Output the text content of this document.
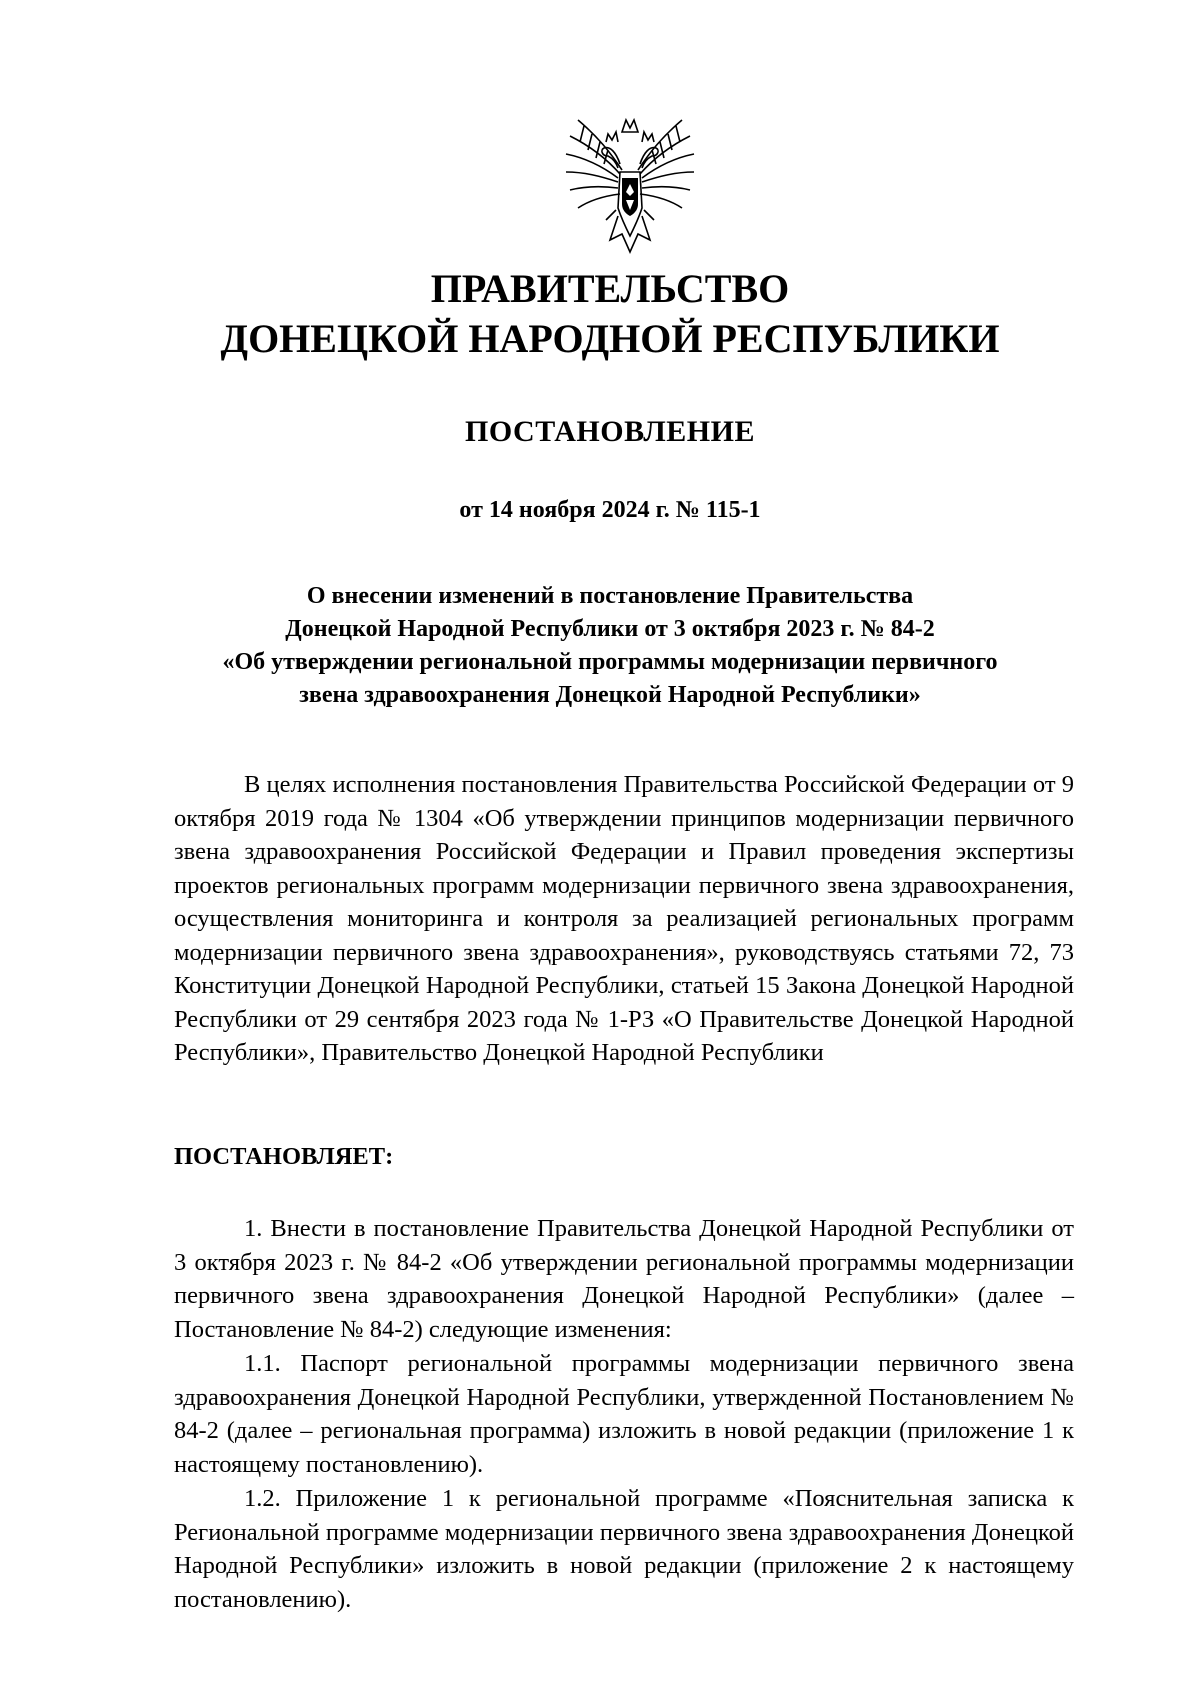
ПРАВИТЕЛЬСТВО
ДОНЕЦКОЙ НАРОДНОЙ РЕСПУБЛИКИ
ПОСТАНОВЛЕНИЕ
от 14 ноября 2024 г. № 115-1
О внесении изменений в постановление Правительства
Донецкой Народной Республики от 3 октября 2023 г. № 84-2
«Об утверждении региональной программы модернизации первичного
звена здравоохранения Донецкой Народной Республики»

В целях исполнения постановления Правительства Российской Федерации от 9 октября 2019 года № 1304 «Об утверждении принципов модернизации первичного звена здравоохранения Российской Федерации и Правил проведения экспертизы проектов региональных программ модернизации первичного звена здравоохранения, осуществления мониторинга и контроля за реализацией региональных программ модернизации первичного звена здравоохранения», руководствуясь статьями 72, 73 Конституции Донецкой Народной Республики, статьей 15 Закона Донецкой Народной Республики от 29 сентября 2023 года № 1-РЗ «О Правительстве Донецкой Народной Республики», Правительство Донецкой Народной Республики

ПОСТАНОВЛЯЕТ:

1. Внести в постановление Правительства Донецкой Народной Республики от 3 октября 2023 г. № 84-2 «Об утверждении региональной программы модернизации первичного звена здравоохранения Донецкой Народной Республики» (далее – Постановление № 84-2) следующие изменения:

1.1. Паспорт региональной программы модернизации первичного звена здравоохранения Донецкой Народной Республики, утвержденной Постановлением № 84-2 (далее – региональная программа) изложить в новой редакции (приложение 1 к настоящему постановлению).

1.2. Приложение 1 к региональной программе «Пояснительная записка к Региональной программе модернизации первичного звена здравоохранения Донецкой Народной Республики» изложить в новой редакции (приложение 2 к настоящему постановлению).
